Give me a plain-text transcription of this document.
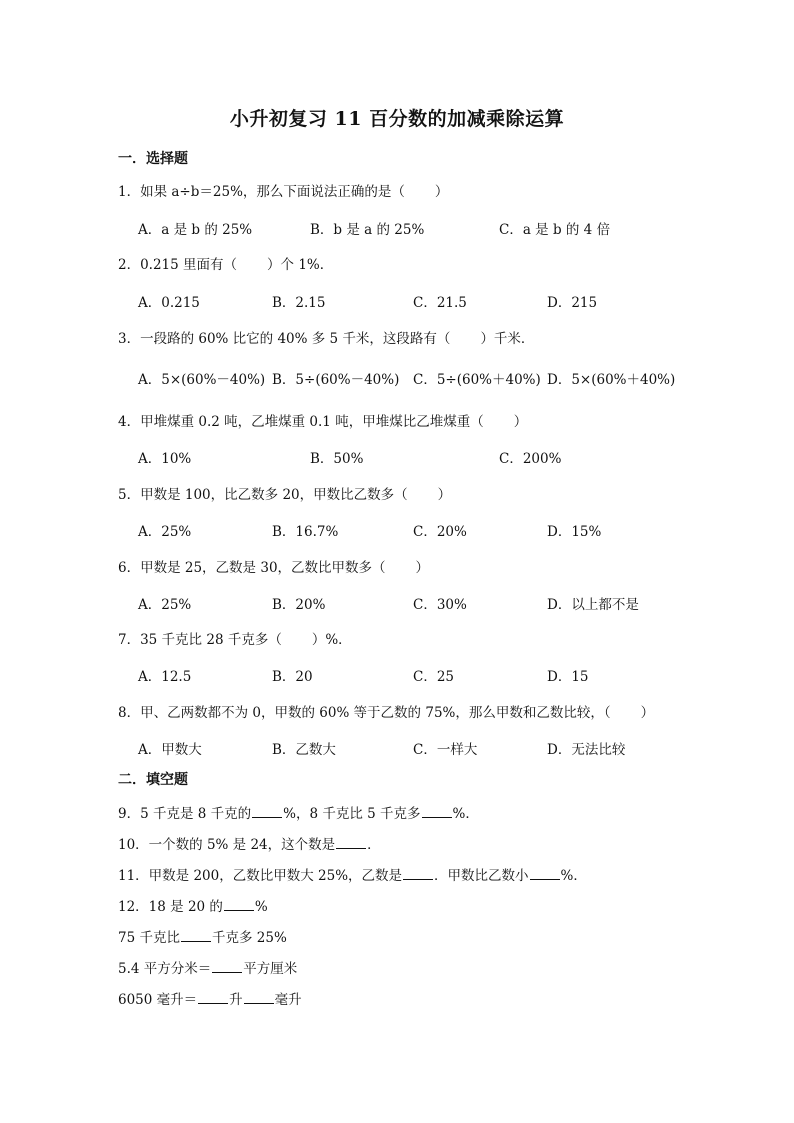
小升初复习 11 百分数的加减乘除运算
一．选择题
1．如果 a÷b＝25%，那么下面说法正确的是（ ）
A．a 是 b 的 25%	B．b 是 a 的 25%	C．a 是 b 的 4 倍
2．0.215 里面有（ ）个 1%．
A．0.215	B．2.15	C．21.5	D．215
3．一段路的 60% 比它的 40% 多 5 千米，这段路有（ ）千米．
A．5×(60%－40%) B．5÷(60%－40%) C．5÷(60%＋40%) D．5×(60%＋40%)
4．甲堆煤重 0.2 吨，乙堆煤重 0.1 吨，甲堆煤比乙堆煤重（ ）
A．10%	B．50%	C．200%
5．甲数是 100，比乙数多 20，甲数比乙数多（ ）
A．25%	B．16.7%	C．20%	D．15%
6．甲数是 25，乙数是 30，乙数比甲数多（ ）
A．25%	B．20%	C．30%	D．以上都不是
7．35 千克比 28 千克多（ ）%．
A．12.5	B．20	C．25	D．15
8．甲、乙两数都不为 0，甲数的 60% 等于乙数的 75%，那么甲数和乙数比较，（ ）
A．甲数大	B．乙数大	C．一样大	D．无法比较
二．填空题
9．5 千克是 8 千克的 %，8 千克比 5 千克多 %．
10．一个数的 5% 是 24，这个数是 ．
11．甲数是 200，乙数比甲数大 25%，乙数是 ．甲数比乙数小 %．
12．18 是 20 的 %
75 千克比 千克多 25%
5.4 平方分米＝ 平方厘米
6050 毫升＝ 升 毫升
